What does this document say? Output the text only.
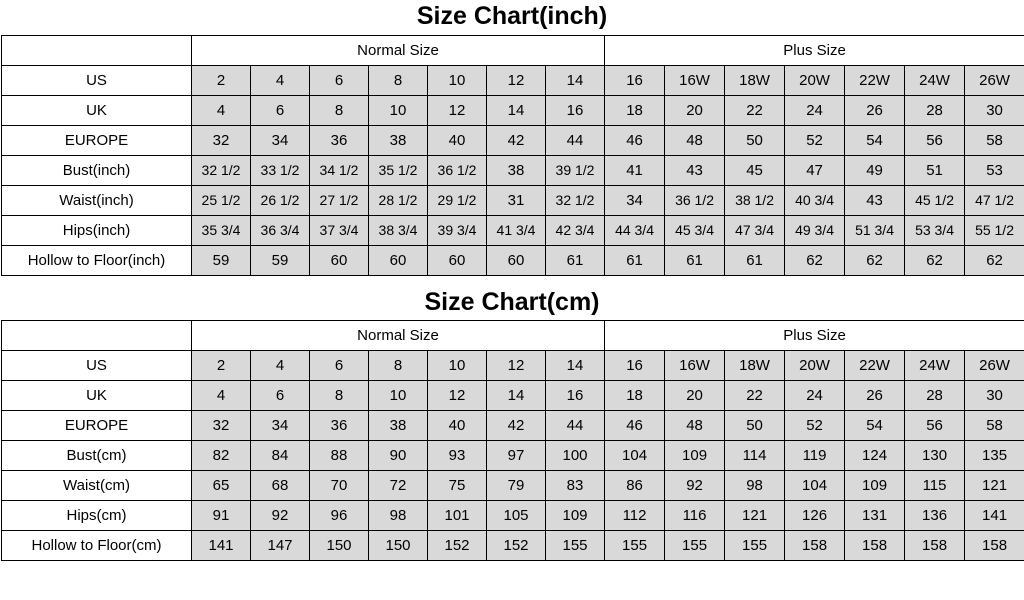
Size Chart(inch)
	Normal Size							Plus Size						
US	2	4	6	8	10	12	14	16	16W	18W	20W	22W	24W	26W
UK	4	6	8	10	12	14	16	18	20	22	24	26	28	30
EUROPE	32	34	36	38	40	42	44	46	48	50	52	54	56	58
Bust(inch)	32 1/2	33 1/2	34 1/2	35 1/2	36 1/2	38	39 1/2	41	43	45	47	49	51	53
Waist(inch)	25 1/2	26 1/2	27 1/2	28 1/2	29 1/2	31	32 1/2	34	36 1/2	38 1/2	40 3/4	43	45 1/2	47 1/2
Hips(inch)	35 3/4	36 3/4	37 3/4	38 3/4	39 3/4	41 3/4	42 3/4	44 3/4	45 3/4	47 3/4	49 3/4	51 3/4	53 3/4	55 1/2
Hollow to Floor(inch)	59	59	60	60	60	60	61	61	61	61	62	62	62	62
Size Chart(cm)
	Normal Size							Plus Size						
US	2	4	6	8	10	12	14	16	16W	18W	20W	22W	24W	26W
UK	4	6	8	10	12	14	16	18	20	22	24	26	28	30
EUROPE	32	34	36	38	40	42	44	46	48	50	52	54	56	58
Bust(cm)	82	84	88	90	93	97	100	104	109	114	119	124	130	135
Waist(cm)	65	68	70	72	75	79	83	86	92	98	104	109	115	121
Hips(cm)	91	92	96	98	101	105	109	112	116	121	126	131	136	141
Hollow to Floor(cm)	141	147	150	150	152	152	155	155	155	155	158	158	158	158
